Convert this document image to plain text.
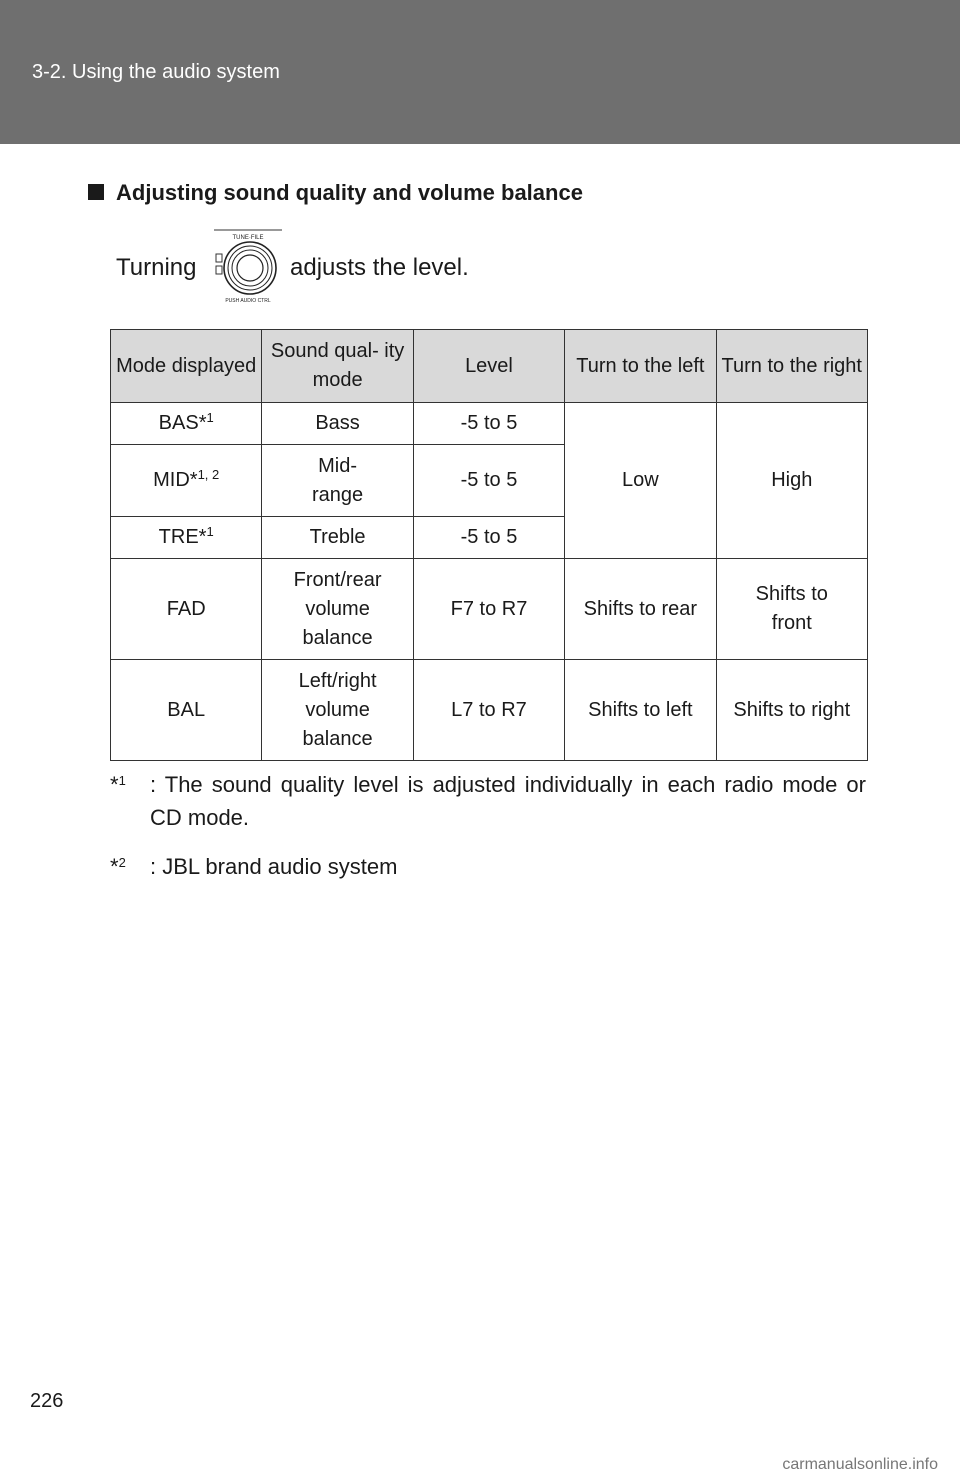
3-2. Using the audio system
Adjusting sound quality and volume balance
Turning
TUNE·FILE
PUSH AUDIO CTRL
adjusts the level.
Mode displayed	Sound qual- ity mode	Level	Turn to the left	Turn to the right
BAS*$^1$	Bass	-5 to 5	Low	High
MID*$^{1, 2}$	Mid- range	-5 to 5		
TRE*$^1$	Treble	-5 to 5		
FAD	Front/rear volume balance	F7 to R7	Shifts to rear	Shifts to front
BAL	Left/right volume balance	L7 to R7	Shifts to left	Shifts to right
*$^1$ : The sound quality level is adjusted individually in each radio mode or CD mode.
*$^2$ : JBL brand audio system
226
carmanualsonline.info
